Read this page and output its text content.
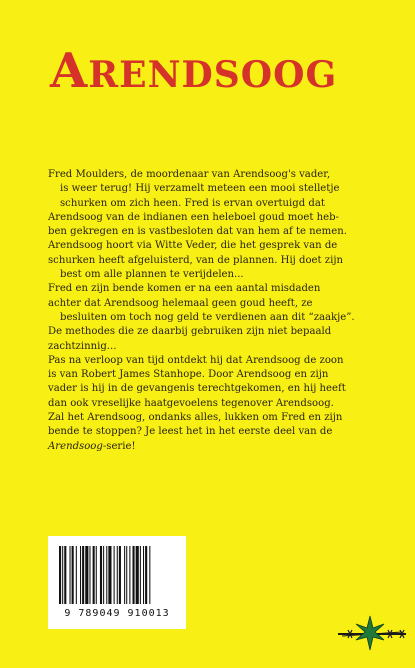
ARENDSOOG

Fred Moulders, de moordenaar van Arendsoog's vader,

is weer terug! Hij verzamelt meteen een mooi stelletje

schurken om zich heen. Fred is ervan overtuigd dat

Arendsoog van de indianen een heleboel goud moet heb-

ben gekregen en is vastbesloten dat van hem af te nemen.

Arendsoog hoort via Witte Veder, die het gesprek van de

schurken heeft afgeluisterd, van de plannen. Hij doet zijn

best om alle plannen te verijdelen...

Fred en zijn bende komen er na een aantal misdaden

achter dat Arendsoog helemaal geen goud heeft, ze

besluiten om toch nog geld te verdienen aan dit “zaakje”.

De methodes die ze daarbij gebruiken zijn niet bepaald

zachtzinnig...

Pas na verloop van tijd ontdekt hij dat Arendsoog de zoon

is van Robert James Stanhope. Door Arendsoog en zijn

vader is hij in de gevangenis terechtgekomen, en hij heeft

dan ook vreselijke haatgevoelens tegenover Arendsoog.

Zal het Arendsoog, ondanks alles, lukken om Fred en zijn

bende te stoppen? Je leest het in het eerste deel van de

Arendsoog-serie!

9 789049 910013
